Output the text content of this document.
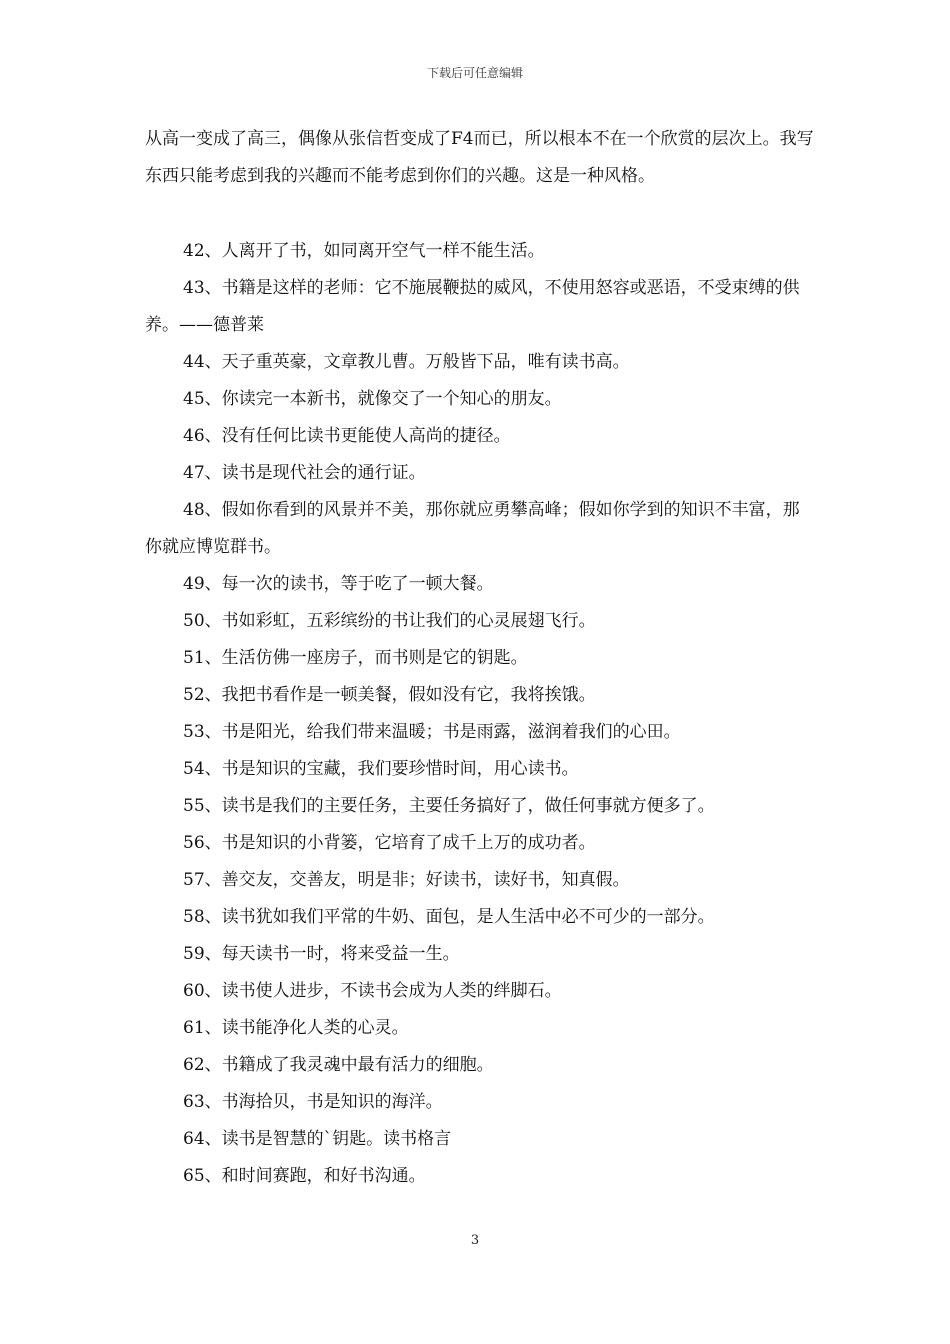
下载后可任意编辑

从高一变成了高三，偶像从张信哲变成了F4而已，所以根本不在一个欣赏的层次上。我写东西只能考虑到我的兴趣而不能考虑到你们的兴趣。这是一种风格。

42、人离开了书，如同离开空气一样不能生活。

43、书籍是这样的老师：它不施展鞭挞的威风，不使用怒容或恶语，不受束缚的供养。——德普莱

44、天子重英豪，文章教儿曹。万般皆下品，唯有读书高。

45、你读完一本新书，就像交了一个知心的朋友。

46、没有任何比读书更能使人高尚的捷径。

47、读书是现代社会的通行证。

48、假如你看到的风景并不美，那你就应勇攀高峰；假如你学到的知识不丰富，那你就应博览群书。

49、每一次的读书，等于吃了一顿大餐。

50、书如彩虹，五彩缤纷的书让我们的心灵展翅飞行。

51、生活仿佛一座房子，而书则是它的钥匙。

52、我把书看作是一顿美餐，假如没有它，我将挨饿。

53、书是阳光，给我们带来温暖；书是雨露，滋润着我们的心田。

54、书是知识的宝藏，我们要珍惜时间，用心读书。

55、读书是我们的主要任务，主要任务搞好了，做任何事就方便多了。

56、书是知识的小背篓，它培育了成千上万的成功者。

57、善交友，交善友，明是非；好读书，读好书，知真假。

58、读书犹如我们平常的牛奶、面包，是人生活中必不可少的一部分。

59、每天读书一时，将来受益一生。

60、读书使人进步，不读书会成为人类的绊脚石。

61、读书能净化人类的心灵。

62、书籍成了我灵魂中最有活力的细胞。

63、书海拾贝，书是知识的海洋。

64、读书是智慧的`钥匙。读书格言

65、和时间赛跑，和好书沟通。

3
